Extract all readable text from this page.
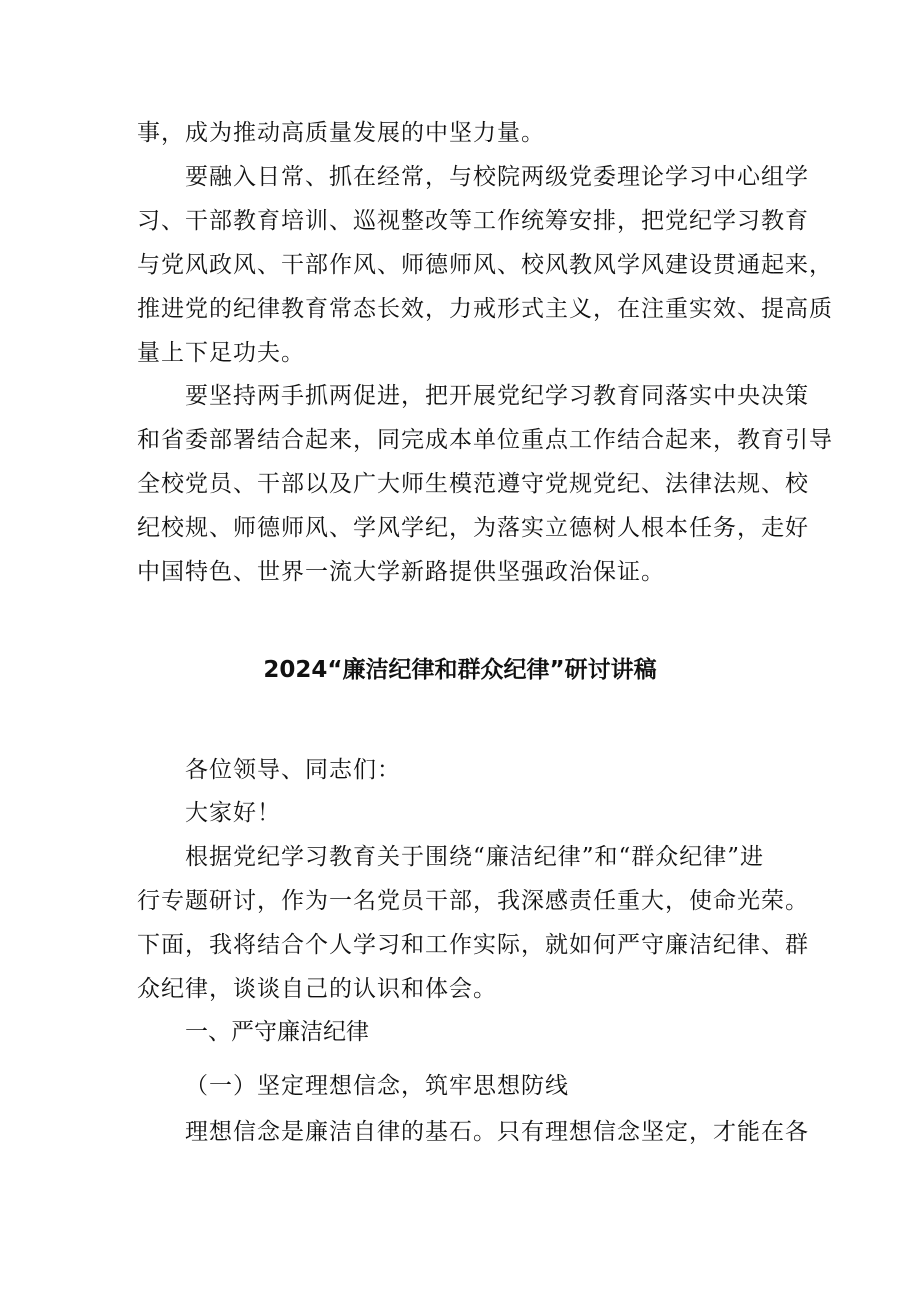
事，成为推动高质量发展的中坚力量。
要融入日常、抓在经常，与校院两级党委理论学习中心组学
习、干部教育培训、巡视整改等工作统筹安排，把党纪学习教育
与党风政风、干部作风、师德师风、校风教风学风建设贯通起来，
推进党的纪律教育常态长效，力戒形式主义，在注重实效、提高质
量上下足功夫。
要坚持两手抓两促进，把开展党纪学习教育同落实中央决策
和省委部署结合起来，同完成本单位重点工作结合起来，教育引导
全校党员、干部以及广大师生模范遵守党规党纪、法律法规、校
纪校规、师德师风、学风学纪，为落实立德树人根本任务，走好
中国特色、世界一流大学新路提供坚强政治保证。
2024“廉洁纪律和群众纪律”研讨讲稿
各位领导、同志们：
大家好！
根据党纪学习教育关于围绕“廉洁纪律”和“群众纪律”进
行专题研讨，作为一名党员干部，我深感责任重大，使命光荣。
下面，我将结合个人学习和工作实际，就如何严守廉洁纪律、群
众纪律，谈谈自己的认识和体会。
一、严守廉洁纪律
（一）坚定理想信念，筑牢思想防线
理想信念是廉洁自律的基石。只有理想信念坚定，才能在各
